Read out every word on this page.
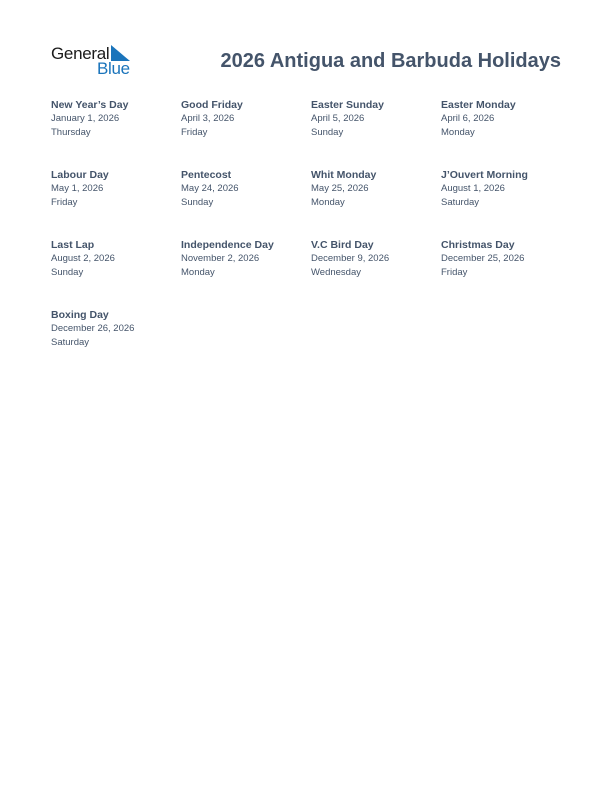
General
Blue	2026 Antigua and Barbuda Holidays
New Year’s Day
January 1, 2026
Thursday
Good Friday
April 3, 2026
Friday
Easter Sunday
April 5, 2026
Sunday
Easter Monday
April 6, 2026
Monday
Labour Day
May 1, 2026
Friday
Pentecost
May 24, 2026
Sunday
Whit Monday
May 25, 2026
Monday
J’Ouvert Morning
August 1, 2026
Saturday
Last Lap
August 2, 2026
Sunday
Independence Day
November 2, 2026
Monday
V.C Bird Day
December 9, 2026
Wednesday
Christmas Day
December 25, 2026
Friday
Boxing Day
December 26, 2026
Saturday
